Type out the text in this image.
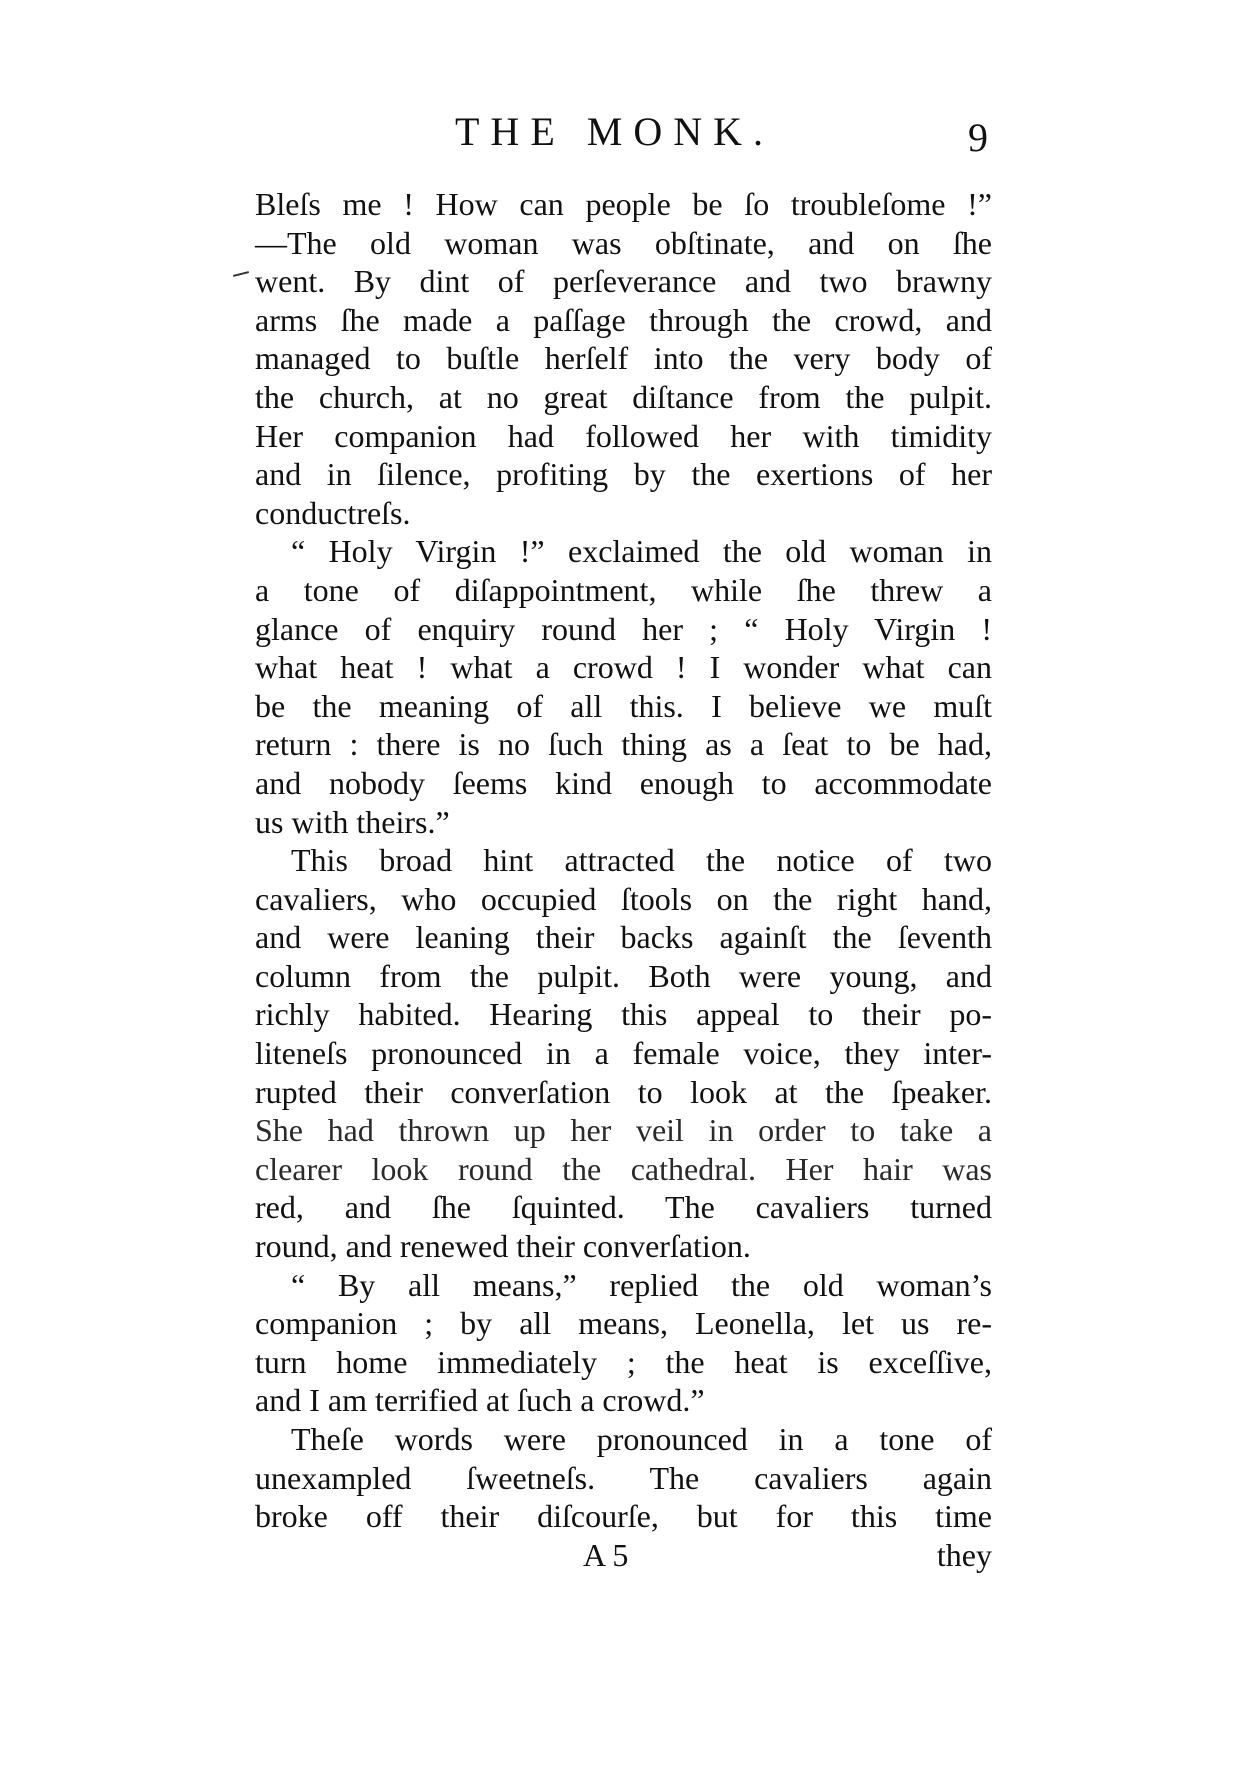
THE MONK.	9
Bleſs me ! How can people be ſo troubleſome !”
—The old woman was obſtinate, and on ſhe
went. By dint of perſeverance and two brawny
arms ſhe made a paſſage through the crowd, and
managed to buſtle herſelf into the very body of
the church, at no great diſtance from the pulpit.
Her companion had followed her with timidity
and in ſilence, profiting by the exertions of her
conductreſs.
“ Holy Virgin !” exclaimed the old woman in
a tone of diſappointment, while ſhe threw a
glance of enquiry round her ; “ Holy Virgin !
what heat ! what a crowd ! I wonder what can
be the meaning of all this. I believe we muſt
return : there is no ſuch thing as a ſeat to be had,
and nobody ſeems kind enough to accommodate
us with theirs.”
This broad hint attracted the notice of two
cavaliers, who occupied ſtools on the right hand,
and were leaning their backs againſt the ſeventh
column from the pulpit. Both were young, and
richly habited. Hearing this appeal to their po-
liteneſs pronounced in a female voice, they inter-
rupted their converſation to look at the ſpeaker.
She had thrown up her veil in order to take a
clearer look round the cathedral. Her hair was
red, and ſhe ſquinted. The cavaliers turned
round, and renewed their converſation.
“ By all means,” replied the old woman’s
companion ; by all means, Leonella, let us re-
turn home immediately ; the heat is exceſſive,
and I am terrified at ſuch a crowd.”
Theſe words were pronounced in a tone of
unexampled ſweetneſs. The cavaliers again
broke off their diſcourſe, but for this time
A 5	they
